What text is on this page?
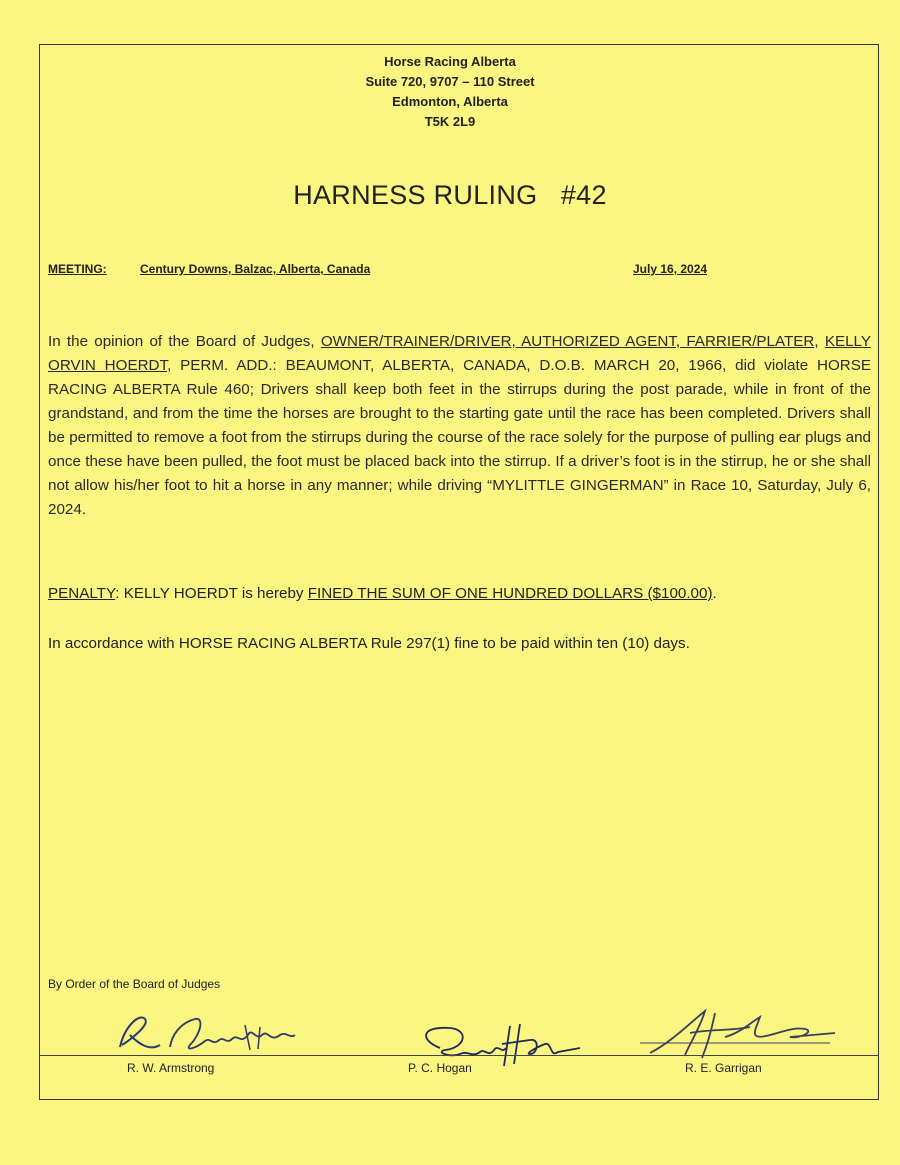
Horse Racing Alberta
Suite 720, 9707 – 110 Street
Edmonton, Alberta
T5K 2L9
HARNESS RULING   #42
MEETING:	Century Downs, Balzac, Alberta, Canada	July 16, 2024
In the opinion of the Board of Judges, OWNER/TRAINER/DRIVER, AUTHORIZED AGENT, FARRIER/PLATER, KELLY ORVIN HOERDT, PERM. ADD.: BEAUMONT, ALBERTA, CANADA, D.O.B. MARCH 20, 1966, did violate HORSE RACING ALBERTA Rule 460; Drivers shall keep both feet in the stirrups during the post parade, while in front of the grandstand, and from the time the horses are brought to the starting gate until the race has been completed. Drivers shall be permitted to remove a foot from the stirrups during the course of the race solely for the purpose of pulling ear plugs and once these have been pulled, the foot must be placed back into the stirrup. If a driver’s foot is in the stirrup, he or she shall not allow his/her foot to hit a horse in any manner; while driving “MYLITTLE GINGERMAN” in Race 10, Saturday, July 6, 2024.
PENALTY: KELLY HOERDT is hereby FINED THE SUM OF ONE HUNDRED DOLLARS ($100.00).
In accordance with HORSE RACING ALBERTA Rule 297(1) fine to be paid within ten (10) days.
By Order of the Board of Judges
R. W. Armstrong	P. C. Hogan	R. E. Garrigan
